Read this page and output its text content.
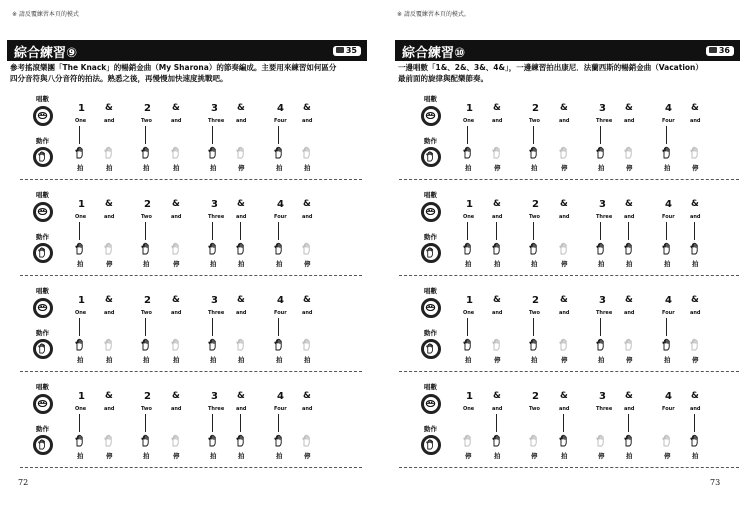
※ 請反覆練習本頁的模式
綜合練習⑨	35
參考搖滾樂團「The Knack」的暢銷金曲（My Sharona）的節奏編成。主要用來練習如何區分
四分音符與八分音符的拍法。熟悉之後，再慢慢加快速度挑戰吧。
唱數
動作
1
One
拍
&
and
拍
2
Two
拍
&
and
拍
3
Three
拍
&
and
停
4
Four
拍
&
and
拍
唱數
動作
1
One
拍
&
and
停
2
Two
拍
&
and
停
3
Three
拍
&
and
拍
4
Four
拍
&
and
停
唱數
動作
1
One
拍
&
and
拍
2
Two
拍
&
and
拍
3
Three
拍
&
and
拍
4
Four
拍
&
and
拍
唱數
動作
1
One
拍
&
and
停
2
Two
拍
&
and
停
3
Three
拍
&
and
拍
4
Four
拍
&
and
停
72
※ 請反覆練習本頁的模式。
綜合練習⑩	36
一邊唱數「1&、2&、3&、4&」，一邊練習拍出康尼．法蘭西斯的暢銷金曲（Vacation）
最前面的旋律與配樂節奏。
唱數
動作
1
One
拍
&
and
停
2
Two
拍
&
and
停
3
Three
拍
&
and
停
4
Four
拍
&
and
停
唱數
動作
1
One
拍
&
and
拍
2
Two
拍
&
and
停
3
Three
拍
&
and
拍
4
Four
拍
&
and
拍
唱數
動作
1
One
拍
&
and
停
2
Two
拍
&
and
停
3
Three
拍
&
and
停
4
Four
拍
&
and
停
唱數
動作
1
One
停
&
and
拍
2
Two
停
&
and
拍
3
Three
停
&
and
拍
4
Four
停
&
and
拍
73
